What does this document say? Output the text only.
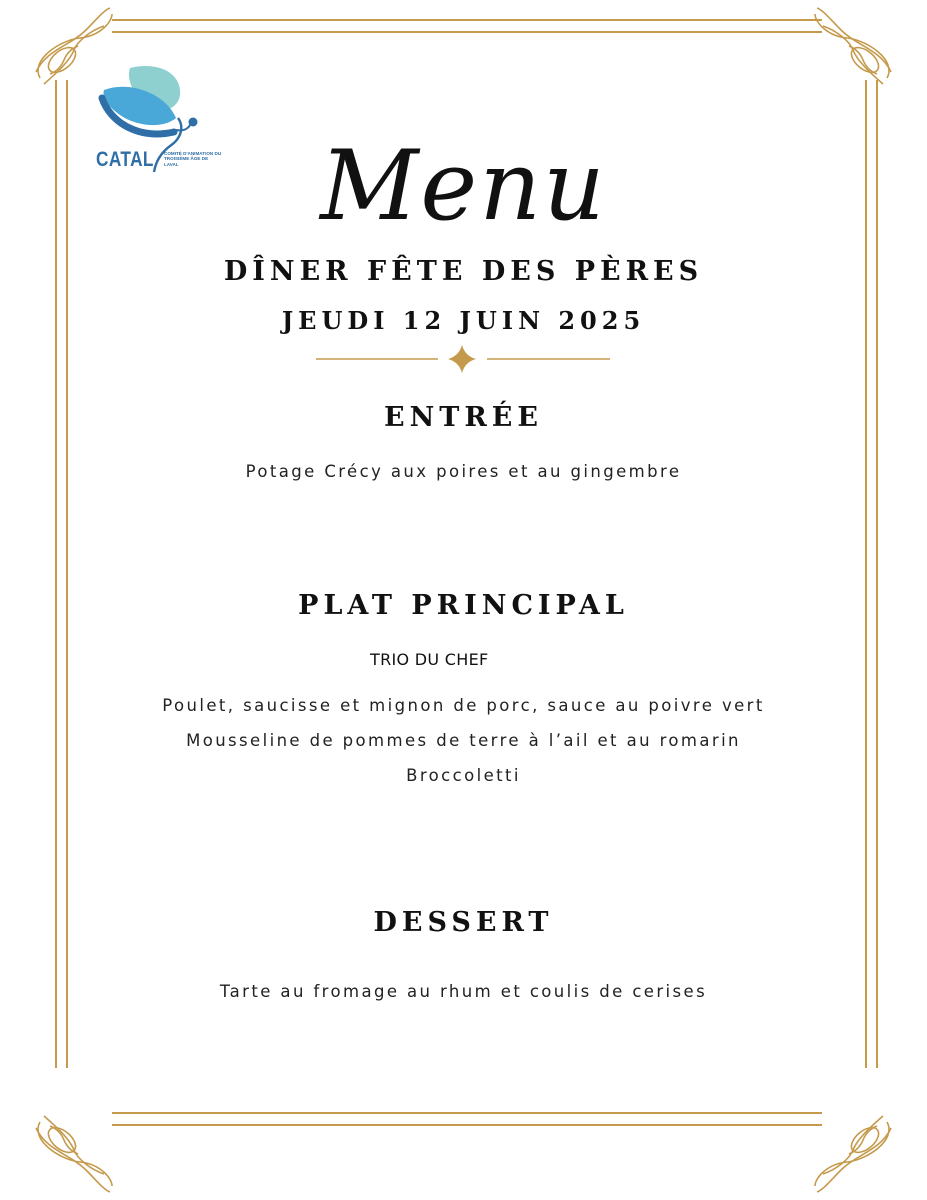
CATAL COMITÉ D'ANIMATION DU TROISIÈME ÂGE DE LAVAL	Menu
DÎNER FÊTE DES PÈRES
JEUDI 12 JUIN 2025
ENTRÉE
Potage Crécy aux poires et au gingembre
PLAT PRINCIPAL
TRIO DU CHEF
Poulet, saucisse et mignon de porc, sauce au poivre vert
Mousseline de pommes de terre à l’ail et au romarin
Broccoletti
DESSERT
Tarte au fromage au rhum et coulis de cerises
